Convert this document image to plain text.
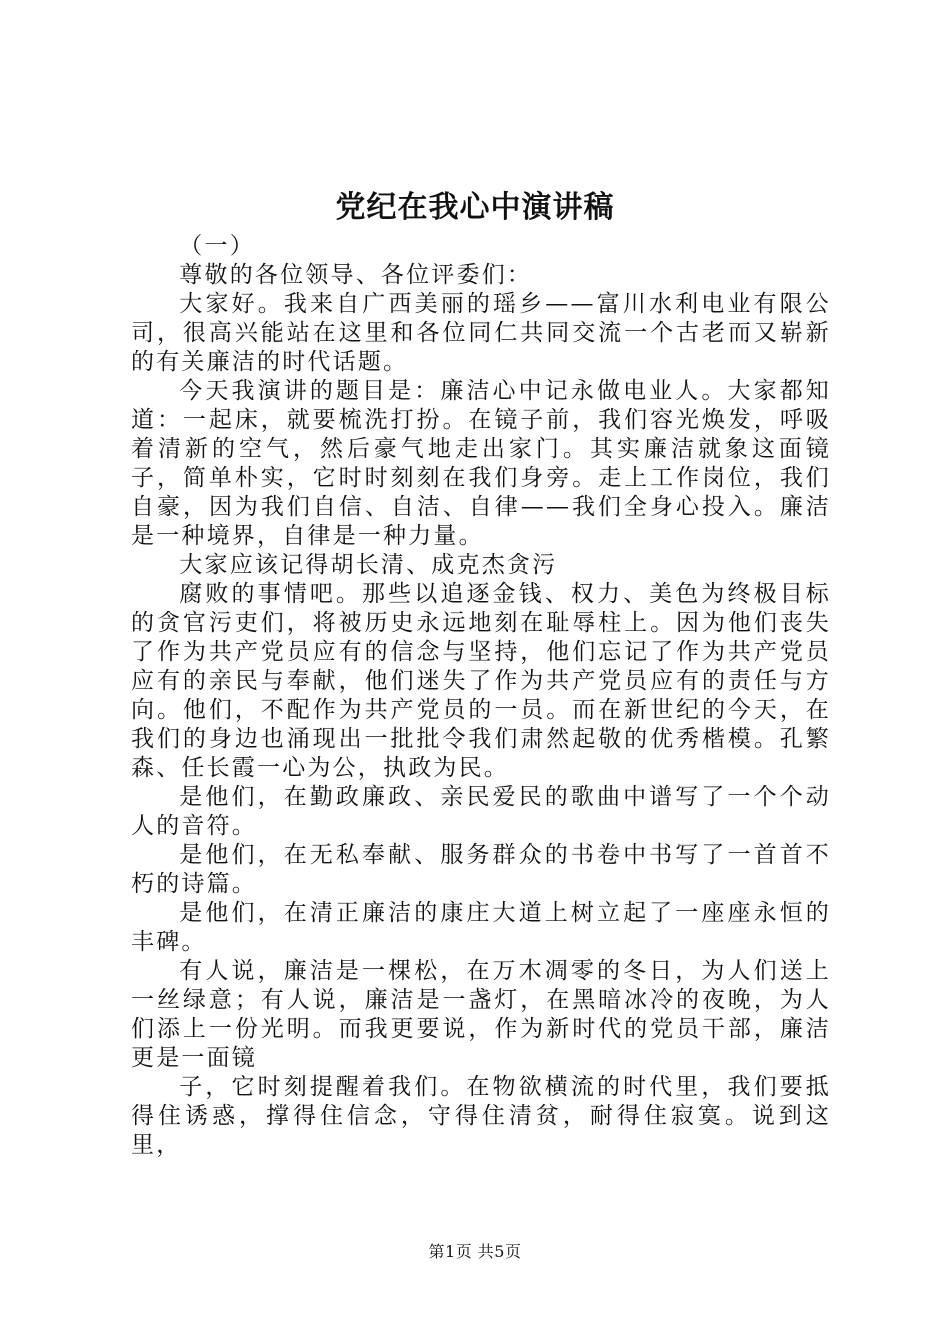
党纪在我心中演讲稿

（一）

尊敬的各位领导、各位评委们：

大家好。我来自广西美丽的瑶乡——富川水利电业有限公司，很高兴能站在这里和各位同仁共同交流一个古老而又崭新的有关廉洁的时代话题。

今天我演讲的题目是：廉洁心中记永做电业人。大家都知道：一起床，就要梳洗打扮。在镜子前，我们容光焕发，呼吸着清新的空气，然后豪气地走出家门。其实廉洁就象这面镜子，简单朴实，它时时刻刻在我们身旁。走上工作岗位，我们自豪，因为我们自信、自洁、自律——我们全身心投入。廉洁是一种境界，自律是一种力量。

大家应该记得胡长清、成克杰贪污

腐败的事情吧。那些以追逐金钱、权力、美色为终极目标的贪官污吏们，将被历史永远地刻在耻辱柱上。因为他们丧失了作为共产党员应有的信念与坚持，他们忘记了作为共产党员应有的亲民与奉献，他们迷失了作为共产党员应有的责任与方向。他们，不配作为共产党员的一员。而在新世纪的今天，在我们的身边也涌现出一批批令我们肃然起敬的优秀楷模。孔繁森、任长霞一心为公，执政为民。

是他们，在勤政廉政、亲民爱民的歌曲中谱写了一个个动人的音符。

是他们，在无私奉献、服务群众的书卷中书写了一首首不朽的诗篇。

是他们，在清正廉洁的康庄大道上树立起了一座座永恒的丰碑。

有人说，廉洁是一棵松，在万木凋零的冬日，为人们送上一丝绿意；有人说，廉洁是一盏灯，在黑暗冰冷的夜晚，为人们添上一份光明。而我更要说，作为新时代的党员干部，廉洁更是一面镜

子，它时刻提醒着我们。在物欲横流的时代里，我们要抵得住诱惑，撑得住信念，守得住清贫，耐得住寂寞。说到这里，

第1页 共5页
